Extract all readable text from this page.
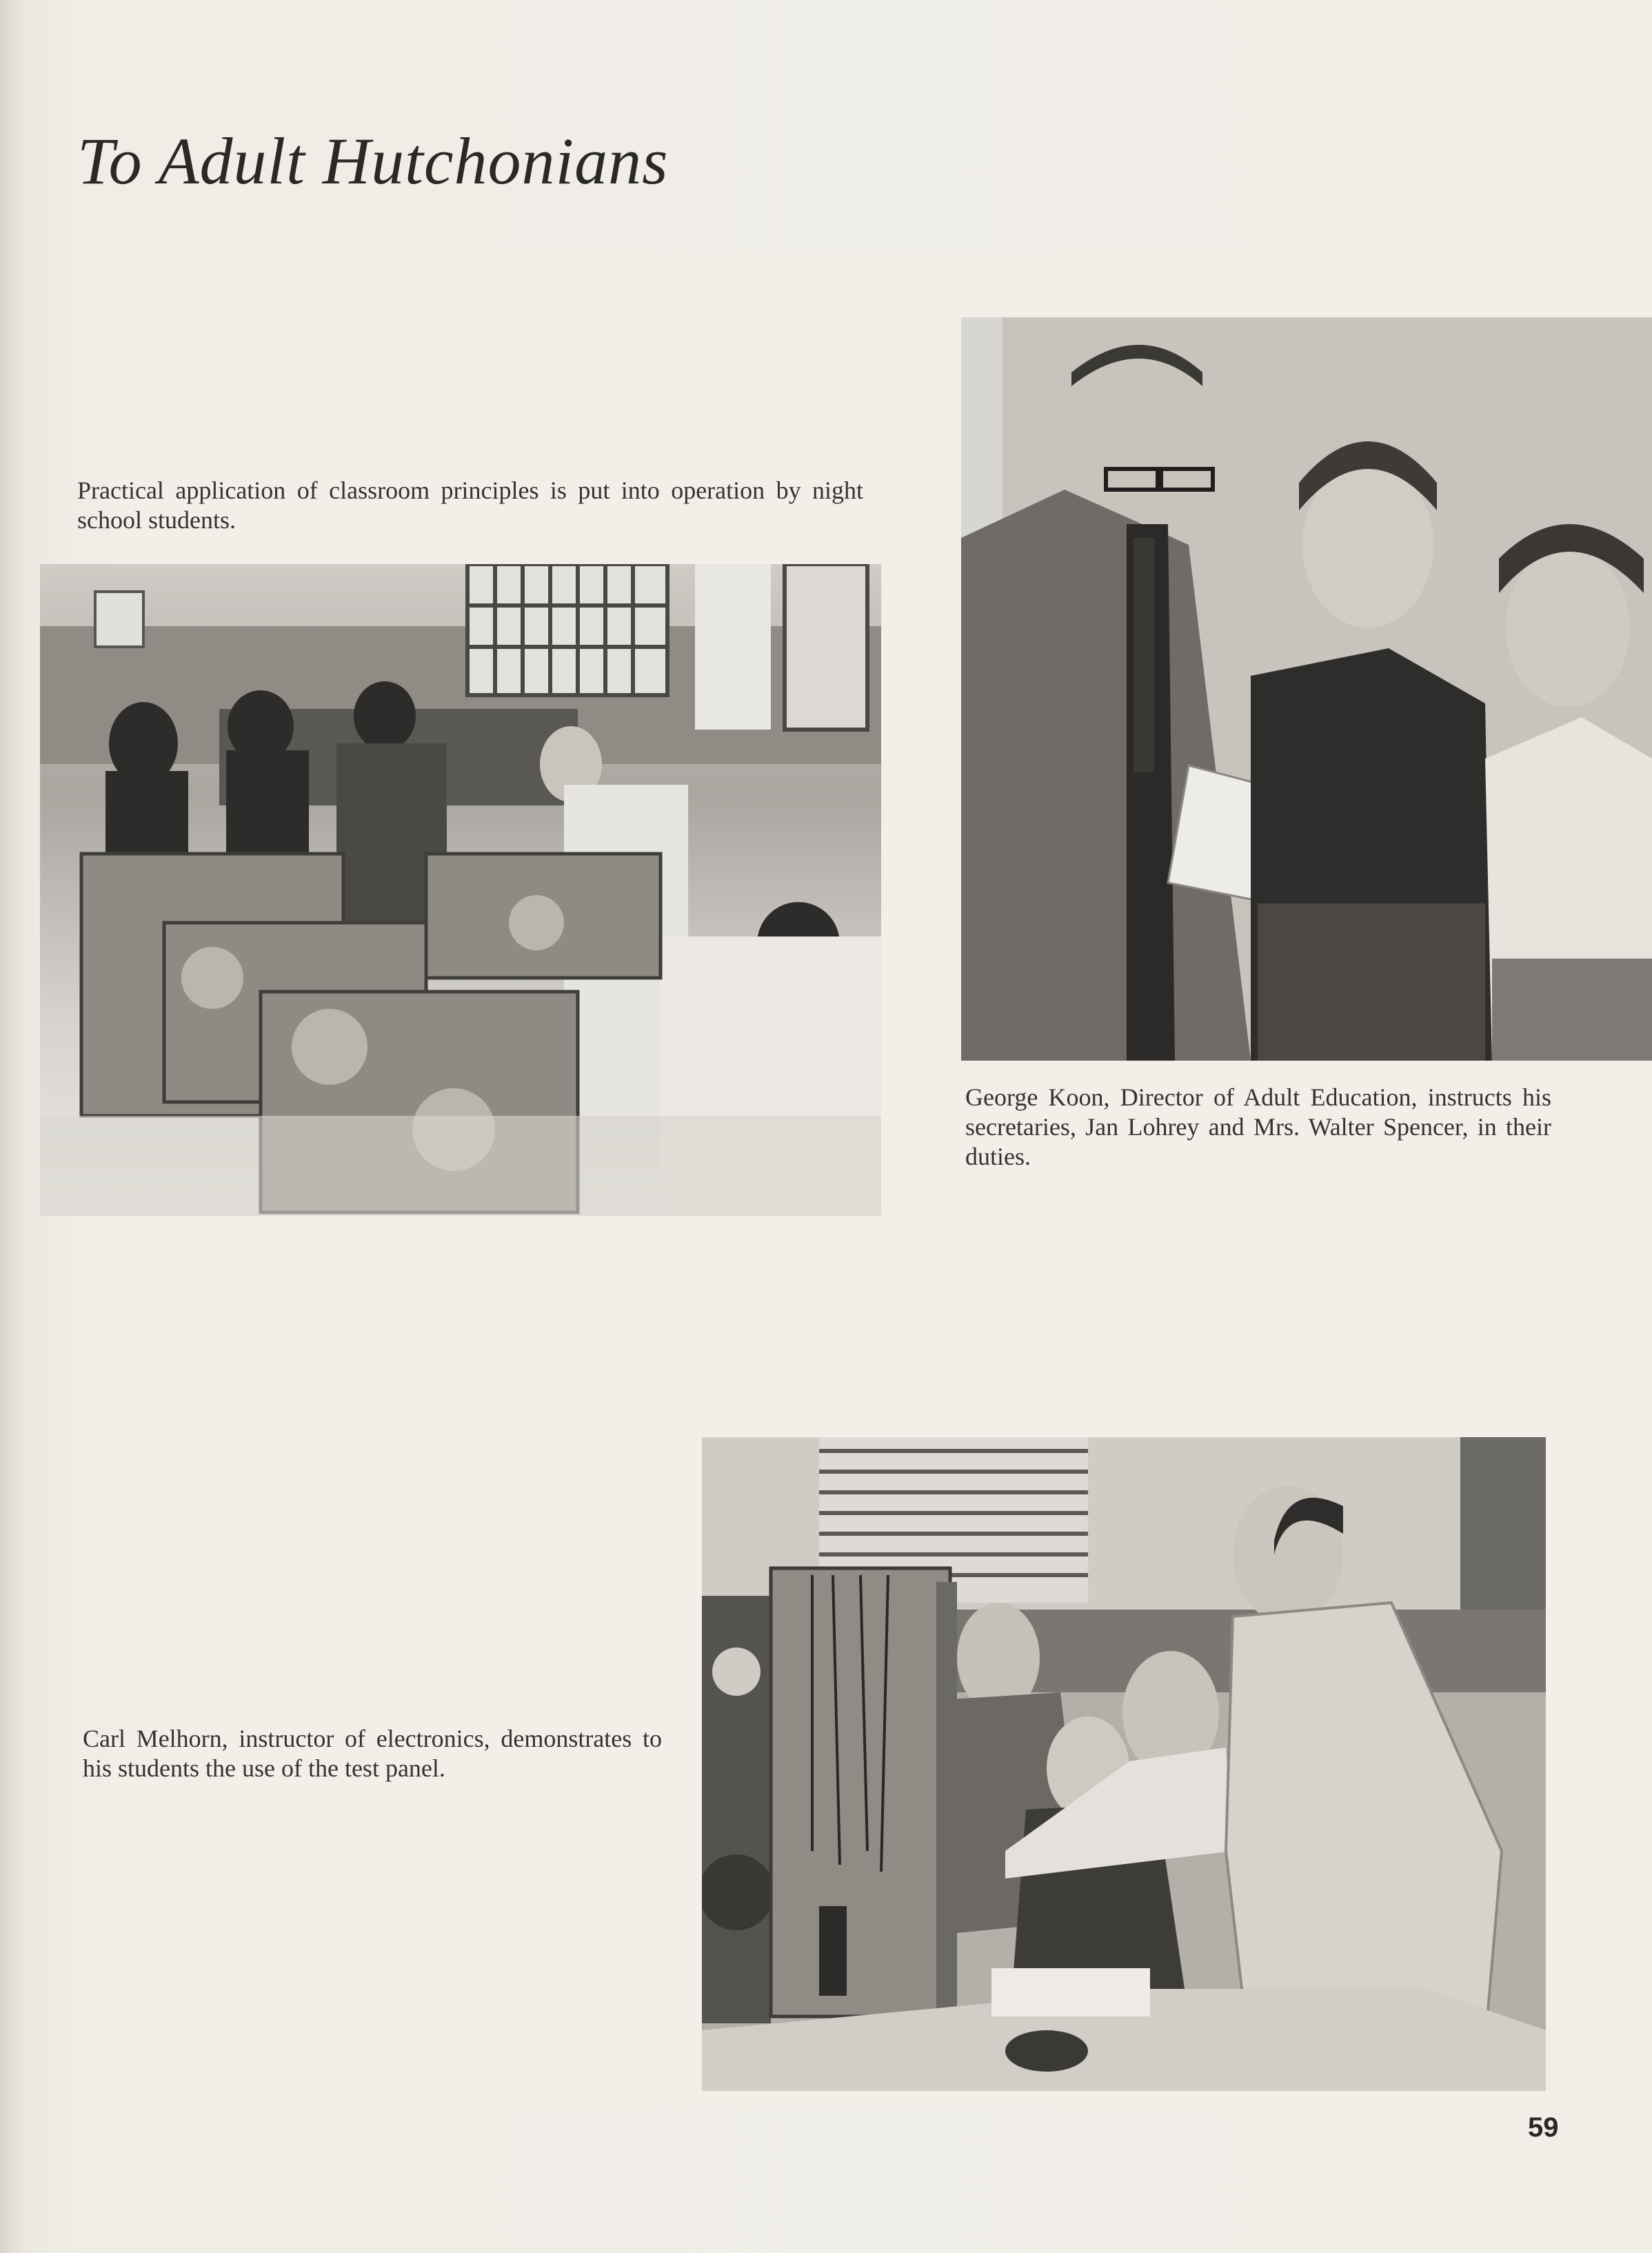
To Adult Hutchonians
Practical application of classroom principles is put into operation by night school students.
George Koon, Director of Adult Education, instructs his secretaries, Jan Lohrey and Mrs. Walter Spencer, in their duties.
Carl Melhorn, instructor of electronics, demonstrates to his students the use of the test panel.
59
